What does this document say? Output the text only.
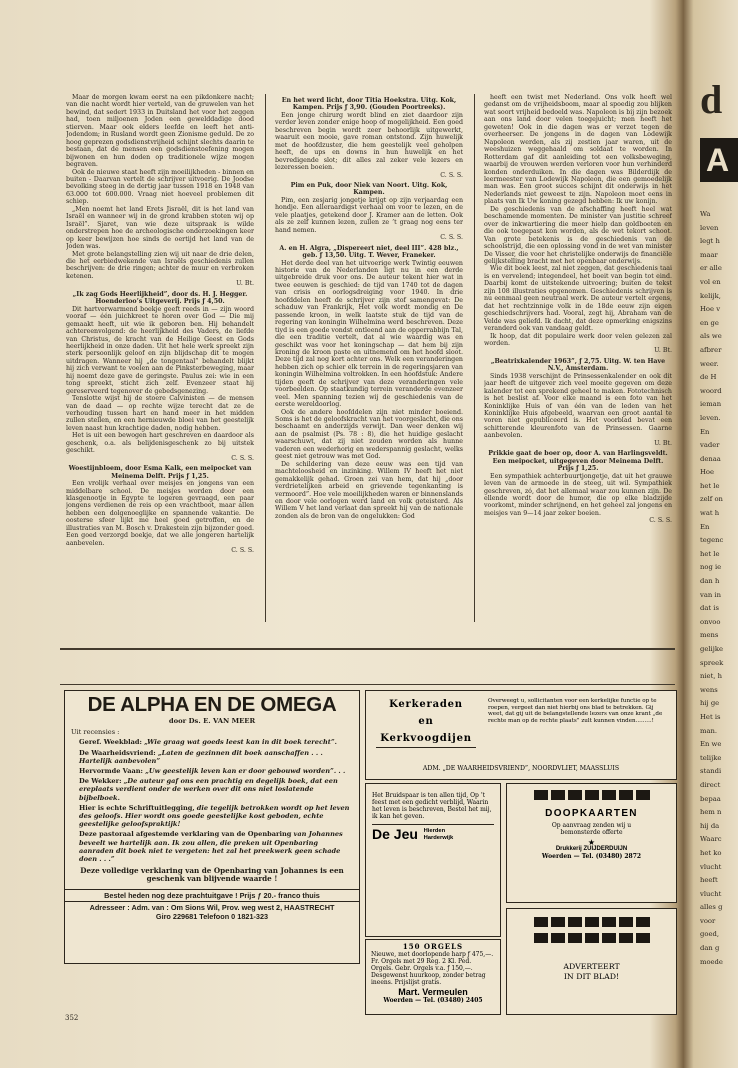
Maar de morgen kwam eerst na een pikdonkere nacht; van die nacht wordt hier verteld, van de gruwelen van het bewind, dat sedert 1933 in Duitsland het voor het zeggen had, toen miljoenen Joden een gewelddadige dood stierven. Maar ook elders leefde en leeft het anti-Jodendom; in Rusland wordt geen Zionisme geduld. De zo hoog geprezen godsdienstvrijheid schijnt slechts daarin te bestaan, dat de mensen een godsdienstoefening mogen bijwonen en hun doden op traditionele wijze mogen begraven.

Ook de nieuwe staat heeft zijn moeilijkheden - binnen en buiten - Daarvan vertelt de schrijver uitvoerig. De Joodse bevolking steeg in de dertig jaar tussen 1918 en 1948 van 63.000 tot 600.000. Vraag niet hoeveel problemen dit schiep.

„Men noemt het land Erets Jisraël, dit is het land van Israël en wanneer wij in de grond krabben stoten wij op Israël”. Sjaret, van wie deze uitspraak is wilde onderstrepen hoe de archeologische onderzoekingen keer op keer bewijzen hoe sinds de oertijd het land van de Joden was.

Met grote belangstelling zien wij uit naar de drie delen, die het eerbiedwekende van Israëls geschiedenis zullen beschrijven: de drie ringen; achter de muur en verbroken ketenen.

U. Bt.

„Ik zag Gods Heerlijkheid”, door ds. H. J. Hegger. Hoenderloo’s Uitgeverij. Prijs ƒ 4,50.

Dit hartverwarmend boekje geeft reeds in — zijn woord vooraf — één juichkreet te horen over God — Die mij gemaakt heeft, uit wie ik geboren ben. Hij behandelt achtereenvolgend: de heerlijkheid des Vaders, de liefde van Christus, de kracht van de Heilige Geest en Gods heerlijkheid in onze daden. Uit het hele werk spreekt zijn sterk persoonlijk geloof en zijn blijdschap dit te mogen uitdragen. Wanneer hij „de tongentaal” behandelt blijkt hij zich verwant te voelen aan de Pinksterbeweging, maar hij noemt deze gave de geringste. Paulus zei: wie in een tong spreekt, sticht zich zelf. Evenzeer staat hij gereserveerd tegenover de gebedsgenezing.

Tenslotte wijst hij de stoere Calvinisten — de mensen van de daad — op rechte wijze terecht dat ze de verhouding tussen hart en hand meer in het midden zullen stellen, en een hernieuwde bloei van het geestelijk leven naast hun krachtige daden, nodig hebben.

Het is uit een bewogen hart geschreven en daardoor als geschenk, o.a. als belijdenisgeschenk zo bij uitstek geschikt.

C. S. S.

Woestijnbloem, door Esma Kalk, een meipocket van Meinema Delft. Prijs ƒ 1,25.

Een vrolijk verhaal over meisjes en jongens van een middelbare school. De meisjes worden door een klasgenootje in Egypte te logeren gevraagd, een paar jongens verdienen de reis op een vrachtboot, maar allen hebben een dolgenoeglijke en spannende vakantie. De oosterse sfeer lijkt me heel goed getroffen, en de illustraties van M. Bosch v. Drakestein zijn bijzonder goed. Een goed verzorgd boekje, dat we alle jongeren hartelijk aanbevelen.

C. S. S.

En het werd licht, door Titia Hoekstra. Uitg. Kok, Kampen. Prijs ƒ 3,90. (Gouden Poortreeks).

Een jonge chirurg wordt blind en ziet daardoor zijn verder leven zonder enige hoop of mogelijkheid. Een goed beschreven begin wordt zeer behoorlijk uitgewerkt, waaruit een mooie, gave roman ontstond. Zijn huwelijk met de hoofdzuster, die hem geestelijk veel geholpen heeft, de ups en downs in hun huwelijk en het bevredigende slot; dit alles zal zeker vele lezers en lezeressen boeien.

C. S. S.

Pim en Puk, door Niek van Noort. Uitg. Kok, Kampen.

Pim, een zesjarig jongetje krijgt op zijn verjaardag een hondje. Een alleraardigst verhaal om voor te lezen, en de vele plaatjes, getekend door J. Kramer aan de letten. Ook als ze zelf kunnen lezen, zullen ze ’t graag nog eens ter hand nemen.

C. S. S.

A. en H. Algra, „Dispereert niet, deel III”. 428 blz., geb. ƒ 13,50. Uitg. T. Wever, Franeker.

Het derde deel van het uitvoerige werk Twintig eeuwen historie van de Nederlanden ligt nu in een derde uitgebreide druk voor ons. De auteur tekent hier wat in twee eeuwen is geschied: de tijd van 1740 tot de dagen van crisis en oorlogsdreiging voor 1940. In drie hoofddelen heeft de schrijver zijn stof samengevat: De schaduw van Frankrijk, Het volk wordt mondig en De passende kroon, in welk laatste stuk de tijd van de regering van koningin Wilhelmina werd beschreven. Deze tiyd is een goede vondst ontleend aan de opperrabbijn Tal, die een traditie vertelt, dat al wie waardig was en geschikt was voor het koningschap — dat hem bij zijn kroning de kroon paste en uitnemend om het hoofd sloot. Deze tijd zal nog kort achter ons. Welk een veranderingen hebben zich op schier elk terrein in de regeringsjaren van koningin Wilhelmina voltrokken. In een hoofdstuk: Andere tijden geeft de schrijver van deze veranderingen vele voorbeelden. Op staatkundig terrein veranderde evenzeer veel. Men spanning tezien wij de geschiedenis van de eerste wereldoorlog.

Ook de andere hoofddelen zijn niet minder boeiend. Soms is het de geloofskracht van het voorgeslacht, die ons beschaamt en anderzijds verwijt. Dan weer denken wij aan de psalmist (Ps. 78 : 8), die het huidige geslacht waarschuwt, dat zij niet zouden worden als hunne vaderen een wederhorig en wederspannig geslacht, welks geest niet getrouw was met God.

De schildering van deze eeuw was een tijd van machteloosheid en inzinking. Willem IV heeft het niet gemakkelijk gehad. Groen zei van hem, dat hij „door verdrietelijken arbeid en grievende tegenkanting is vermoord”. Hoe vele moeilijkheden waren er binnenslands en door vele oorlogen werd land en volk geteisterd. Als Willem V het land verlaat dan spreekt hij van de nationale zonden als de bron van de ongelukken: God

heeft een twist met Nederland. Ons volk heeft wel gedanst om de vrijheidsboom, maar al spoedig zou blijken wat soort vrijheid bedoeld was. Napoleon is bij zijn bezoek aan ons land door velen toegejuicht; men heeft het geweten! Ook in die dagen was er verzet tegen de overheerser. De jongens in de dagen van Lodewijk Napoleon werden, als zij zestien jaar waren, uit de weeshuizen weggehaald om soldaat te worden. In Rotterdam gaf dit aanleiding tot een volksbeweging, waarbij de vrouwen werden verloren voor hun verhinderd konden onderduiken. In die dagen was Bilderdijk de leermeester van Lodewijk Napoleon, die een gemoedelijk man was. Een groot succes schijnt dit onderwijs in het Nederlands niet geweest te zijn. Napoleon moet eens in plaats van Ik Uw koning gezegd hebben: Ik uw konijn.

De geschiedenis van de afschaffing heeft heel wat beschamende momenten. De minister van justitie schreef over de inkwartiering die meer hielp dan goldboeten en die ook toegepast kon worden, als de wet tekort schoot. Van grote betekenis is de geschiedenis van de schoolstrijd, die een oplossing vond in de wet van minister De Visser, die voor het christelijke onderwijs de financiële gelijkstelling bracht met het openbaar onderwijs.

Wie dit boek leest, zal niet zeggen, dat geschiedenis taai is en vervelend; integendeel, het boeit van begin tot eind. Daarbij komt de uitstekende uitvoering; buiten de tekst zijn 108 illustraties opgenomen. Geschiedenis schrijven is nu eenmaal geen neutraal werk. De auteur vertelt ergens, dat het rechtzinnige volk in de 18de eeuw zijn eigen geschiedschrijvers had. Vooral, zegt hij, Abraham van de Velde was geliefd. Ik dacht, dat deze opmerking enigszins veranderd ook van vandaag geldt.

Ik hoop, dat dit populaire werk door velen gelezen zal worden.

U. Bt.

„Beatrixkalender 1963”, ƒ 2,75. Uitg. W. ten Have N.V., Amsterdam.

Sinds 1938 verschijnt de Prinsessenkalender en ook dit jaar heeft de uitgever zich veel moeite gegeven om deze kalender tot een sprekend geheel te maken. Fototechnisch is het beslist af. Voor elke maand is een foto van het Koninklijke Huis of van één van de leden van het Koninklijke Huis afgebeeld, waarvan een groot aantal te voren niet gepubliceerd is. Het voorblad bevat een schitterende kleurenfoto van de Prinsessen. Gaarne aanbevolen.

U. Bt.

Prikkie gaat de boer op, door A. van Harlingsveldt. Een meipocket, uitgegeven door Meinema Delft. Prijs ƒ 1,25.

Een sympathiek achterbuurtjongetje, dat uit het grauwe leven van de armoede in de steeg, uit wil. Sympathiek geschreven, zó, dat het allemaal waar zou kunnen zijn. De ellende wordt door de humor, die op elke bladzijde voorkomt, minder schrijnend, en het geheel zal jongens en meisjes van 9—14 jaar zeker boeien.

C. S. S.

DE ALPHA EN DE OMEGA
door Ds. E. VAN MEER
Uit recensies :
Geref. Weekblad: „Wie graag wat goeds leest kan in dit boek terecht”.
De Waarheidsvriend: „Laten de gezinnen dit boek aanschaffen . . . Hartelijk aanbevolen”
Hervormde Vaan: „Uw geestelijk leven kan er door gebouwd worden”. . .
De Wekker: „De auteur gaf ons een prachtig en degelijk boek, dat een ereplaats verdient onder de werken over dit ons niet loslatende bijbelboek.
Hier is echte Schriftuitlegging, die tegelijk betrokken wordt op het leven des geloofs. Hier wordt ons goede geestelijke kost geboden, echte geestelijke geloofspraktijk!
Deze pastoraal afgestemde verklaring van de Openbaring van Johannes beveelt we hartelijk aan. Ik zou allen, die preken uit Openbaring aanraden dit boek niet te vergeten: het zal het preekwerk geen schade doen . . .”
Deze volledige verklaring van de Openbaring van Johannes is een geschenk van blijvende waarde !
Bestel heden nog deze prachtuitgave ! Prijs ƒ 20.- franco thuis
Adresseer : Adm. van : Om Sions Wil, Prov. weg west 2, HAASTRECHT
Giro 229681 Telefoon 0 1821-323
Kerkeraden
en
Kerkvoogdijen
Overweegt u, sollicitanten voor een kerkelijke functie op te roepen, vergeet dan niet hierbij ons blad te betrekken. Gij weet, dat gij uit de belangstellende lezers van onze krant „de rechte man op de rechte plaats” zult kunnen vinden.........!
ADM. „DE WAARHEIDSVRIEND”, NOORDVLIET, MAASSLUIS
Het Bruidspaar is ten allen tijd, Op ’t feest met een gedicht verblijd, Waarin het leven is beschreven, Bestel het mij, ik kan het geven.
De Jeu Hierden
Harderwijk
150 ORGELS
Nieuwe, met doorlopende harp ƒ 475,—. Fr. Orgels met 29 Reg. 2 Kl. Ped. Orgels. Gebr. Orgels v.a. ƒ 150,—. Desgewenst huurkoop, zonder betrag ineens. Prijslijst gratis.
Mart. Vermeulen
Woerden — Tel. (03480) 2405
DOOPKAARTEN
Op aanvraag zenden wij u bemonsterde offerte
★
Drukkerij ZUIJDERDUIJN
Woerden — Tel. (03480) 2872
ADVERTEERT
IN DIT BLAD!
352
d
A
Wa
leven
legt h
maar
er alle
vol en
kelijk,
Hoe v
en ge
als we
afbrer
weer.
de H
woord
ieman
leven.
En
vader
denaa
Hoe
het le
zelf on
wat h
En
tegenc
het le
nog ie
dan h
van in
dat is
onvoo
mens
gelijke
spreek
niet, h
wens
hij ge
Het is
man.
En we
telijke
standi
direct
bepaa
hem n
hij da
Waarc
het ko
vlucht
heeft
vlucht
alles g
voor
goed,
dan g
moede
